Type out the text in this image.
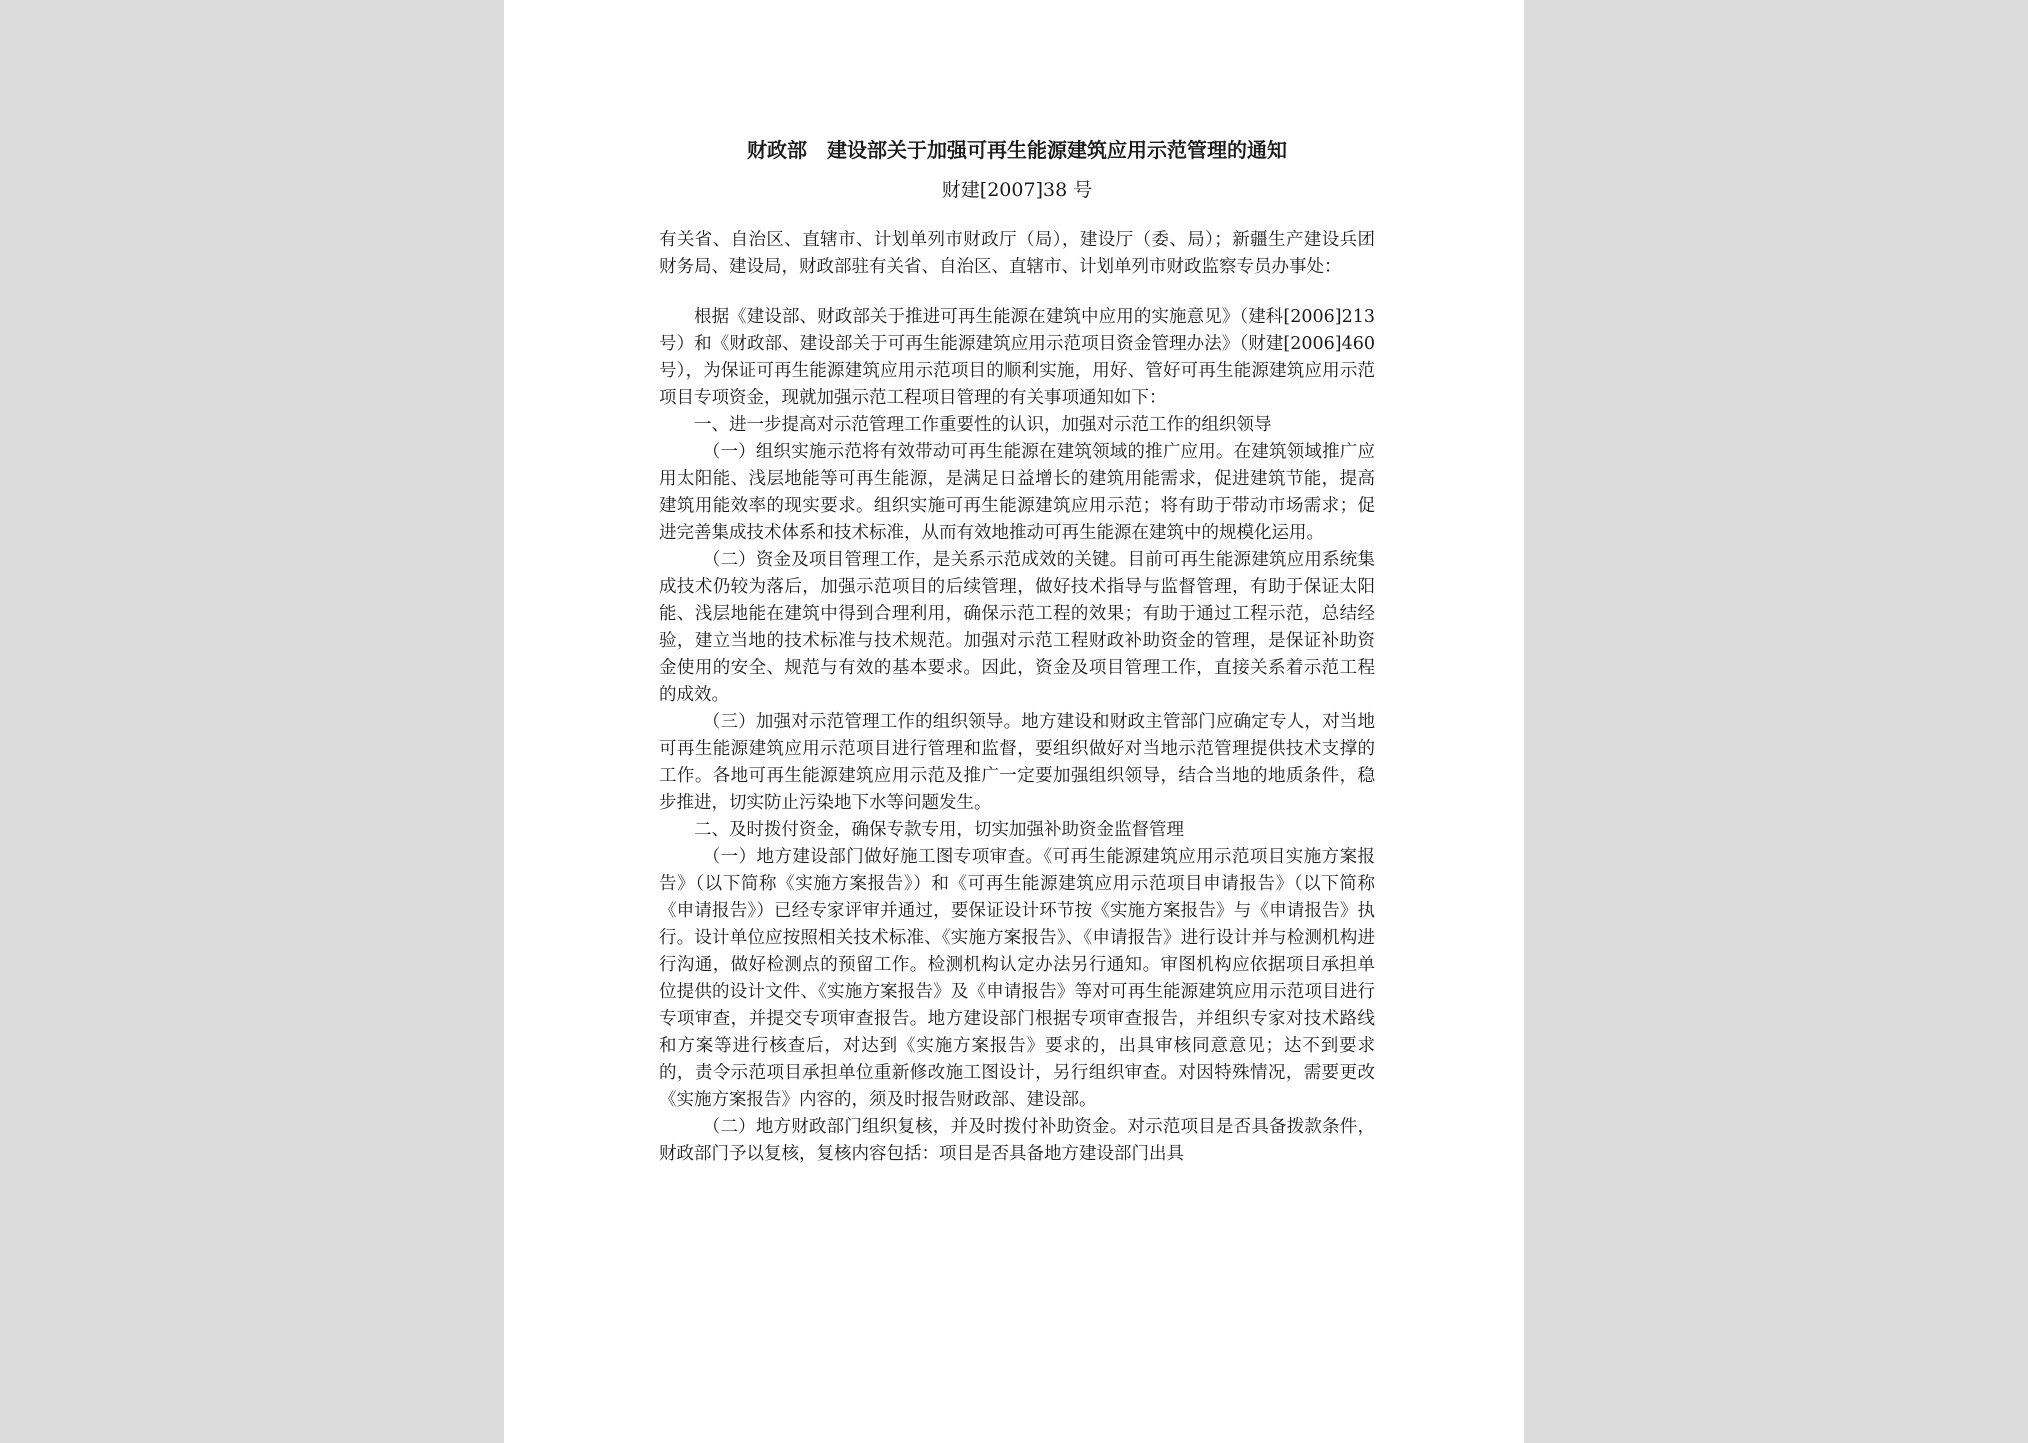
财政部　建设部关于加强可再生能源建筑应用示范管理的通知
财建[2007]38 号

有关省、自治区、直辖市、计划单列市财政厅（局），建设厅（委、局）；新疆生产建设兵团财务局、建设局，财政部驻有关省、自治区、直辖市、计划单列市财政监察专员办事处：

根据《建设部、财政部关于推进可再生能源在建筑中应用的实施意见》（建科[2006]213 号）和《财政部、建设部关于可再生能源建筑应用示范项目资金管理办法》（财建[2006]460 号），为保证可再生能源建筑应用示范项目的顺利实施，用好、管好可再生能源建筑应用示范项目专项资金，现就加强示范工程项目管理的有关事项通知如下：

一、进一步提高对示范管理工作重要性的认识，加强对示范工作的组织领导

（一）组织实施示范将有效带动可再生能源在建筑领域的推广应用。在建筑领域推广应用太阳能、浅层地能等可再生能源，是满足日益增长的建筑用能需求，促进建筑节能，提高建筑用能效率的现实要求。组织实施可再生能源建筑应用示范；将有助于带动市场需求；促进完善集成技术体系和技术标准，从而有效地推动可再生能源在建筑中的规模化运用。

（二）资金及项目管理工作，是关系示范成效的关键。目前可再生能源建筑应用系统集成技术仍较为落后，加强示范项目的后续管理，做好技术指导与监督管理，有助于保证太阳能、浅层地能在建筑中得到合理利用，确保示范工程的效果；有助于通过工程示范，总结经验，建立当地的技术标准与技术规范。加强对示范工程财政补助资金的管理，是保证补助资金使用的安全、规范与有效的基本要求。因此，资金及项目管理工作，直接关系着示范工程的成效。

（三）加强对示范管理工作的组织领导。地方建设和财政主管部门应确定专人，对当地可再生能源建筑应用示范项目进行管理和监督，要组织做好对当地示范管理提供技术支撑的工作。各地可再生能源建筑应用示范及推广一定要加强组织领导，结合当地的地质条件，稳步推进，切实防止污染地下水等问题发生。

二、及时拨付资金，确保专款专用，切实加强补助资金监督管理

（一）地方建设部门做好施工图专项审查。《可再生能源建筑应用示范项目实施方案报告》（以下简称《实施方案报告》）和《可再生能源建筑应用示范项目申请报告》（以下简称《申请报告》）已经专家评审并通过，要保证设计环节按《实施方案报告》与《申请报告》执行。设计单位应按照相关技术标准、《实施方案报告》、《申请报告》进行设计并与检测机构进行沟通，做好检测点的预留工作。检测机构认定办法另行通知。审图机构应依据项目承担单位提供的设计文件、《实施方案报告》及《申请报告》等对可再生能源建筑应用示范项目进行专项审查，并提交专项审查报告。地方建设部门根据专项审查报告，并组织专家对技术路线和方案等进行核查后，对达到《实施方案报告》要求的，出具审核同意意见；达不到要求的，责令示范项目承担单位重新修改施工图设计，另行组织审查。对因特殊情况，需要更改《实施方案报告》内容的，须及时报告财政部、建设部。

（二）地方财政部门组织复核，并及时拨付补助资金。对示范项目是否具备拨款条件，财政部门予以复核，复核内容包括：项目是否具备地方建设部门出具
